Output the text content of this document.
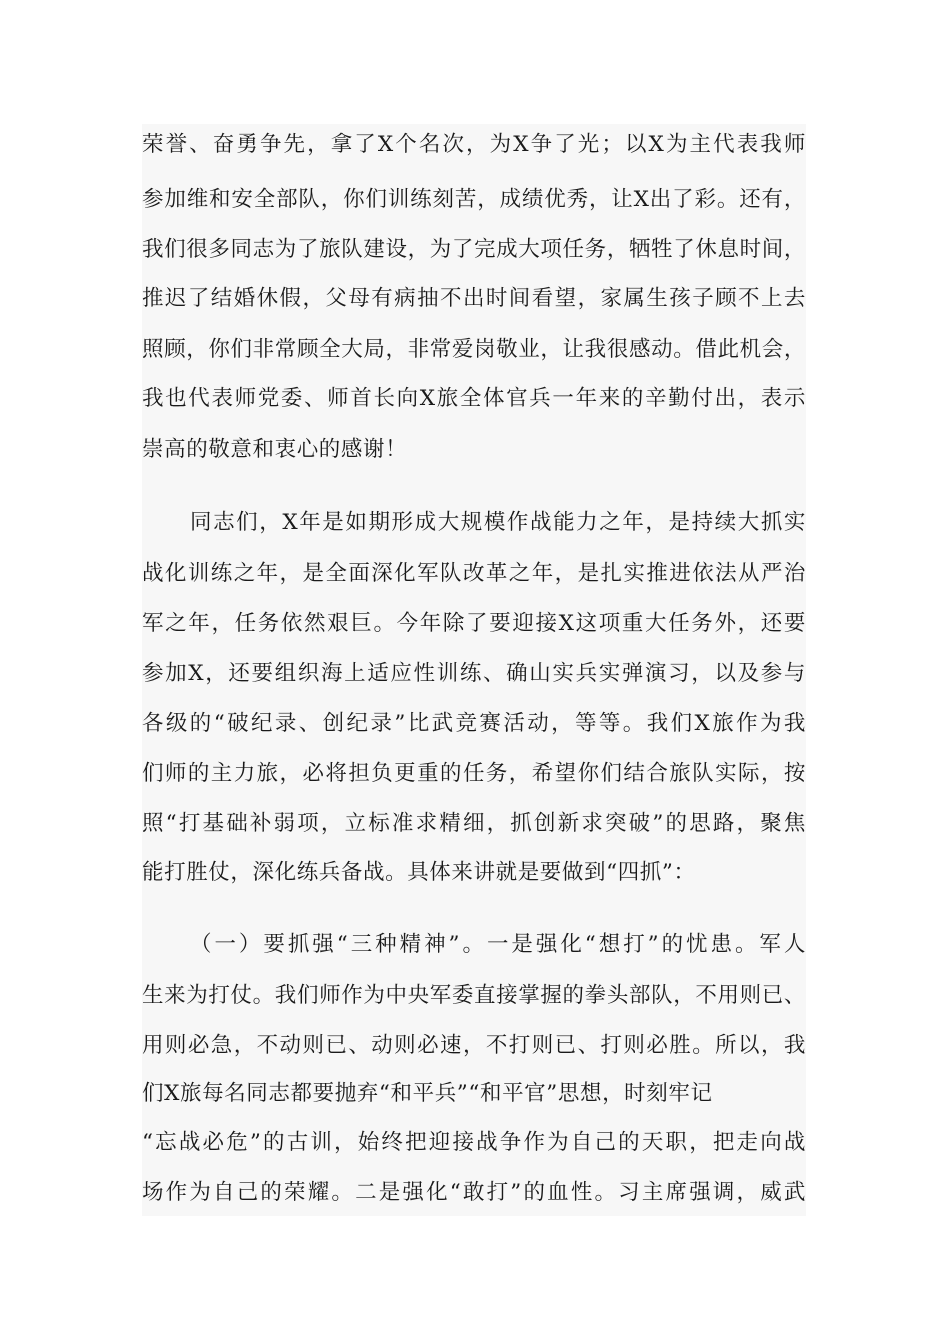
荣誉、奋勇争先，拿了X个名次，为X争了光；以X为主代表我师
参加维和安全部队，你们训练刻苦，成绩优秀，让X出了彩。还有，
我们很多同志为了旅队建设，为了完成大项任务，牺牲了休息时间，
推迟了结婚休假，父母有病抽不出时间看望，家属生孩子顾不上去
照顾，你们非常顾全大局，非常爱岗敬业，让我很感动。借此机会，
我也代表师党委、师首长向X旅全体官兵一年来的辛勤付出，表示
崇高的敬意和衷心的感谢！
同志们，X年是如期形成大规模作战能力之年，是持续大抓实
战化训练之年，是全面深化军队改革之年，是扎实推进依法从严治
军之年，任务依然艰巨。今年除了要迎接X这项重大任务外，还要
参加X，还要组织海上适应性训练、确山实兵实弹演习，以及参与
各级的“破纪录、创纪录”比武竞赛活动，等等。我们X旅作为我
们师的主力旅，必将担负更重的任务，希望你们结合旅队实际，按
照“打基础补弱项，立标准求精细，抓创新求突破”的思路，聚焦
能打胜仗，深化练兵备战。具体来讲就是要做到“四抓”：
（一）要抓强“三种精神”。一是强化“想打”的忧患。军人
生来为打仗。我们师作为中央军委直接掌握的拳头部队，不用则已、
用则必急，不动则已、动则必速，不打则已、打则必胜。所以，我
们X旅每名同志都要抛弃“和平兵”“和平官”思想，时刻牢记
“忘战必危”的古训，始终把迎接战争作为自己的天职，把走向战
场作为自己的荣耀。二是强化“敢打”的血性。习主席强调，威武
